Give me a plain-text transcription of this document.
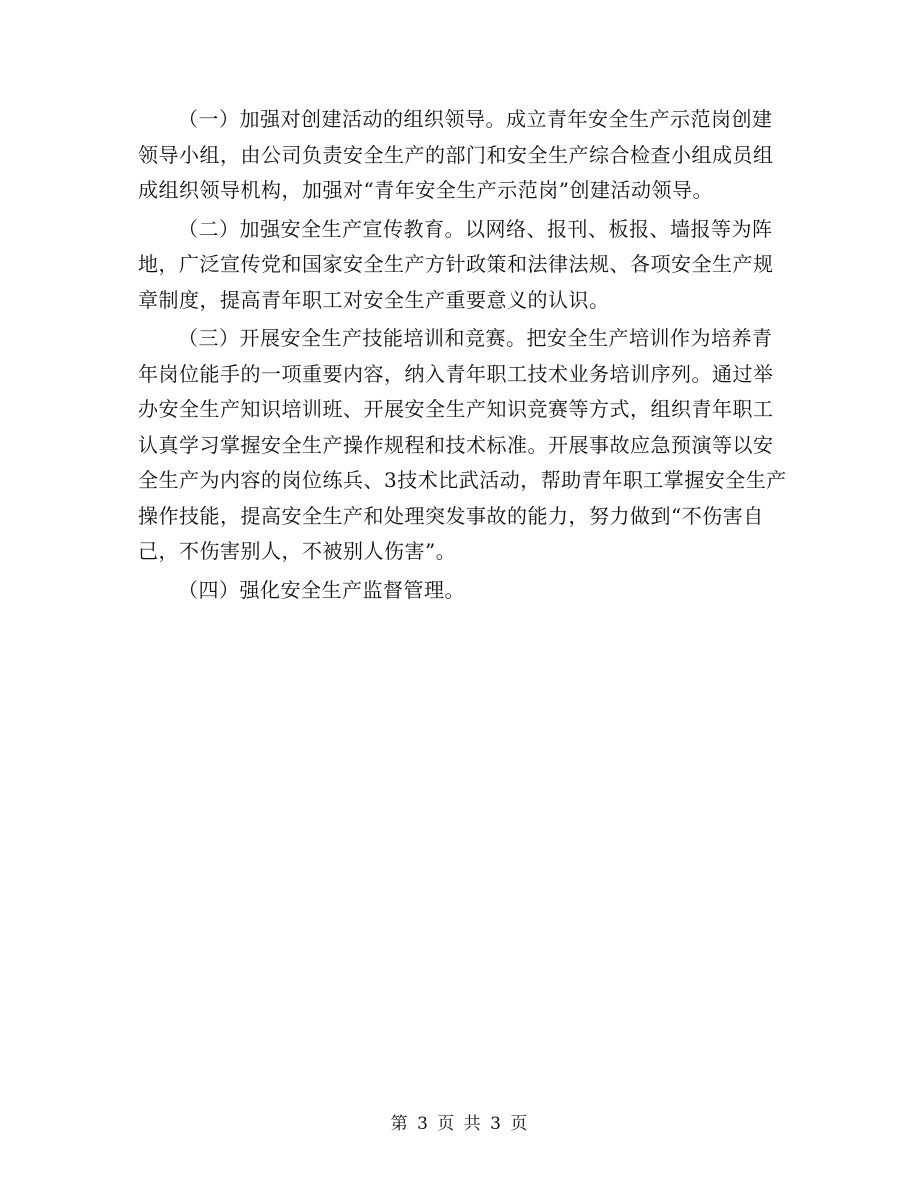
（一）加强对创建活动的组织领导。成立青年安全生产示范岗创建领导小组，由公司负责安全生产的部门和安全生产综合检查小组成员组成组织领导机构，加强对“青年安全生产示范岗”创建活动领导。

（二）加强安全生产宣传教育。以网络、报刊、板报、墙报等为阵地，广泛宣传党和国家安全生产方针政策和法律法规、各项安全生产规章制度，提高青年职工对安全生产重要意义的认识。

（三）开展安全生产技能培训和竞赛。把安全生产培训作为培养青年岗位能手的一项重要内容，纳入青年职工技术业务培训序列。通过举办安全生产知识培训班、开展安全生产知识竞赛等方式，组织青年职工认真学习掌握安全生产操作规程和技术标准。开展事故应急预演等以安全生产为内容的岗位练兵、3技术比武活动，帮助青年职工掌握安全生产操作技能，提高安全生产和处理突发事故的能力，努力做到“不伤害自己，不伤害别人，不被别人伤害”。

（四）强化安全生产监督管理。

第 3 页 共 3 页
